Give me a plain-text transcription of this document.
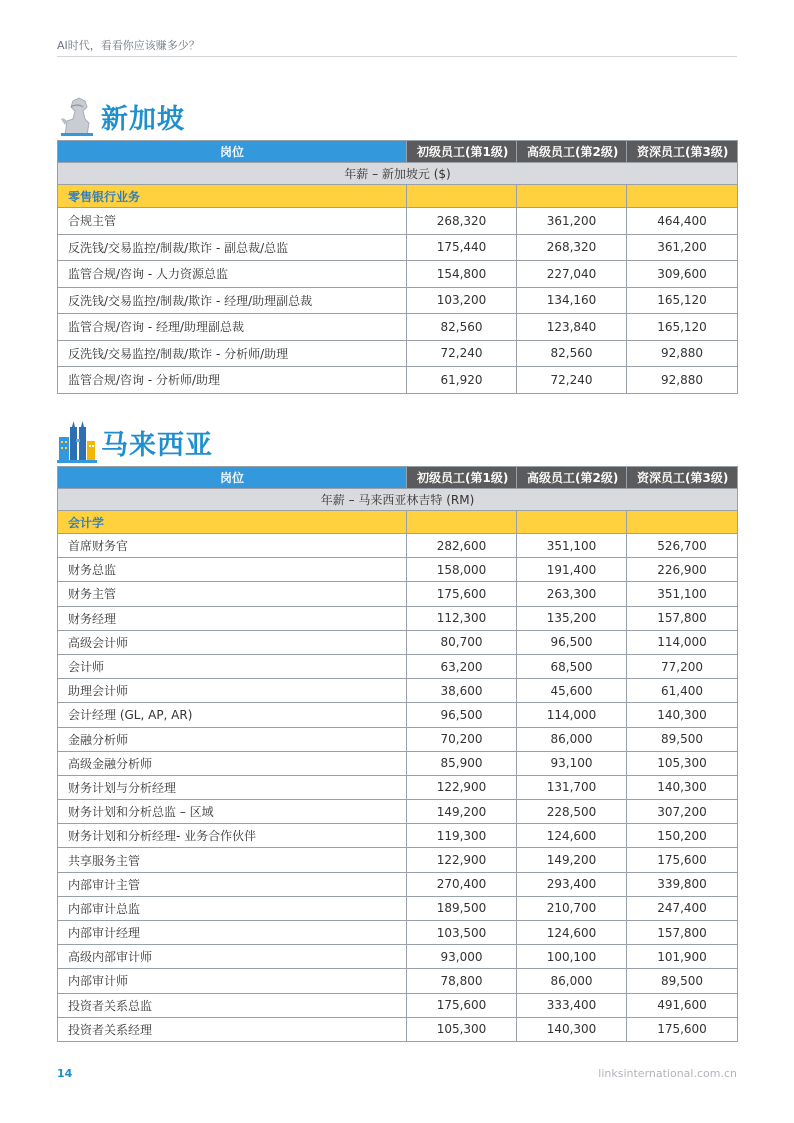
AI时代，看看你应该赚多少？
新加坡
岗位	初级员工(第1级)	高级员工(第2级)	资深员工(第3级)
年薪 – 新加坡元 ($)			
零售银行业务			
合规主管	268,320	361,200	464,400
反洗钱/交易监控/制裁/欺诈 - 副总裁/总监	175,440	268,320	361,200
监管合规/咨询 - 人力资源总监	154,800	227,040	309,600
反洗钱/交易监控/制裁/欺诈 - 经理/助理副总裁	103,200	134,160	165,120
监管合规/咨询 - 经理/助理副总裁	82,560	123,840	165,120
反洗钱/交易监控/制裁/欺诈 - 分析师/助理	72,240	82,560	92,880
监管合规/咨询 - 分析师/助理	61,920	72,240	92,880
马来西亚
岗位	初级员工(第1级)	高级员工(第2级)	资深员工(第3级)
年薪 – 马来西亚林吉特 (RM)			
会计学			
首席财务官	282,600	351,100	526,700
财务总监	158,000	191,400	226,900
财务主管	175,600	263,300	351,100
财务经理	112,300	135,200	157,800
高级会计师	80,700	96,500	114,000
会计师	63,200	68,500	77,200
助理会计师	38,600	45,600	61,400
会计经理 (GL, AP, AR)	96,500	114,000	140,300
金融分析师	70,200	86,000	89,500
高级金融分析师	85,900	93,100	105,300
财务计划与分析经理	122,900	131,700	140,300
财务计划和分析总监 – 区域	149,200	228,500	307,200
财务计划和分析经理- 业务合作伙伴	119,300	124,600	150,200
共享服务主管	122,900	149,200	175,600
内部审计主管	270,400	293,400	339,800
内部审计总监	189,500	210,700	247,400
内部审计经理	103,500	124,600	157,800
高级内部审计师	93,000	100,100	101,900
内部审计师	78,800	86,000	89,500
投资者关系总监	175,600	333,400	491,600
投资者关系经理	105,300	140,300	175,600
14	linksinternational.com.cn
